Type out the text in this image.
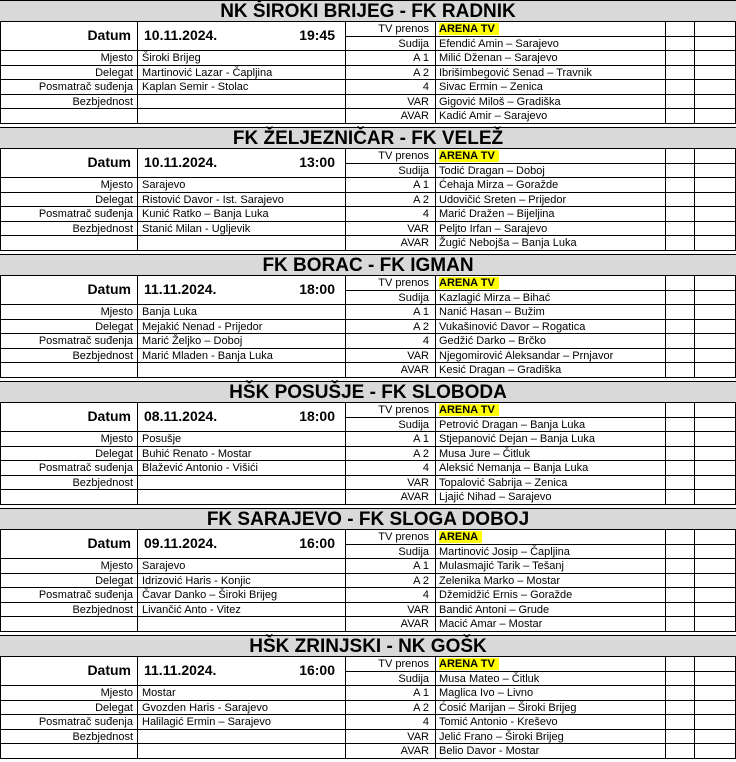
NK ŠIROKI BRIJEG - FK RADNIK
Datum 10.11.2024.	19:45	TV prenos ARENA TV
Sudija Efendić Amin – Sarajevo
Mjesto Široki Brijeg	A 1 Milić Dženan – Sarajevo
Delegat Martinović Lazar - Čapljina	A 2 Ibrišimbegović Senad – Travnik
Posmatrač suđenja Kaplan Semir - Stolac	4 Sivac Ermin – Zenica
Bezbjednost	VAR Gigović Miloš – Gradiška
AVAR Kadić Amir – Sarajevo
FK ŽELJEZNIČAR - FK VELEŽ
Datum 10.11.2024.	13:00	TV prenos ARENA TV
Sudija Todić Dragan – Doboj
Mjesto Sarajevo	A 1 Ćehaja Mirza – Goražde
Delegat Ristović Davor - Ist. Sarajevo	A 2 Udovičić Sreten – Prijedor
Posmatrač suđenja Kunić Ratko – Banja Luka	4 Marić Dražen – Bijeljina
Bezbjednost Stanić Milan - Ugljevik	VAR Peljto Irfan – Sarajevo
AVAR Žugić Nebojša – Banja Luka
FK BORAC - FK IGMAN
Datum 11.11.2024.	18:00	TV prenos ARENA TV
Sudija Kazlagić Mirza – Bihać
Mjesto Banja Luka	A 1 Nanić Hasan – Bužim
Delegat Mejakić Nenad - Prijedor	A 2 Vukašinović Davor – Rogatica
Posmatrač suđenja Marić Željko – Doboj	4 Gedžić Darko – Brčko
Bezbjednost Marić Mladen - Banja Luka	VAR Njegomirović Aleksandar – Prnjavor
AVAR Kesić Dragan – Gradiška
HŠK POSUŠJE - FK SLOBODA
Datum 08.11.2024.	18:00	TV prenos ARENA TV
Sudija Petrović Dragan – Banja Luka
Mjesto Posušje	A 1 Stjepanović Dejan – Banja Luka
Delegat Buhić Renato - Mostar	A 2 Musa Jure – Čitluk
Posmatrač suđenja Blažević Antonio - Višići	4 Aleksić Nemanja – Banja Luka
Bezbjednost	VAR Topalović Sabrija – Zenica
AVAR Ljajić Nihad – Sarajevo
FK SARAJEVO - FK SLOGA DOBOJ
Datum 09.11.2024.	16:00	TV prenos ARENA
Sudija Martinović Josip – Čapljina
Mjesto Sarajevo	A 1 Mulasmajić Tarik – Tešanj
Delegat Idrizović Haris - Konjic	A 2 Zelenika Marko – Mostar
Posmatrač suđenja Čavar Danko – Široki Brijeg	4 Džemidžić Ernis – Goražde
Bezbjednost Livančić Anto - Vitez	VAR Bandić Antoni – Grude
AVAR Macić Amar – Mostar
HŠK ZRINJSKI - NK GOŠK
Datum 11.11.2024.	16:00	TV prenos ARENA TV
Sudija Musa Mateo – Čitluk
Mjesto Mostar	A 1 Maglica Ivo – Livno
Delegat Gvozden Haris - Sarajevo	A 2 Ćosić Marijan – Široki Brijeg
Posmatrač suđenja Halilagić Ermin – Sarajevo	4 Tomić Antonio - Kreševo
Bezbjednost	VAR Jelić Frano – Široki Brijeg
AVAR Belio Davor - Mostar
